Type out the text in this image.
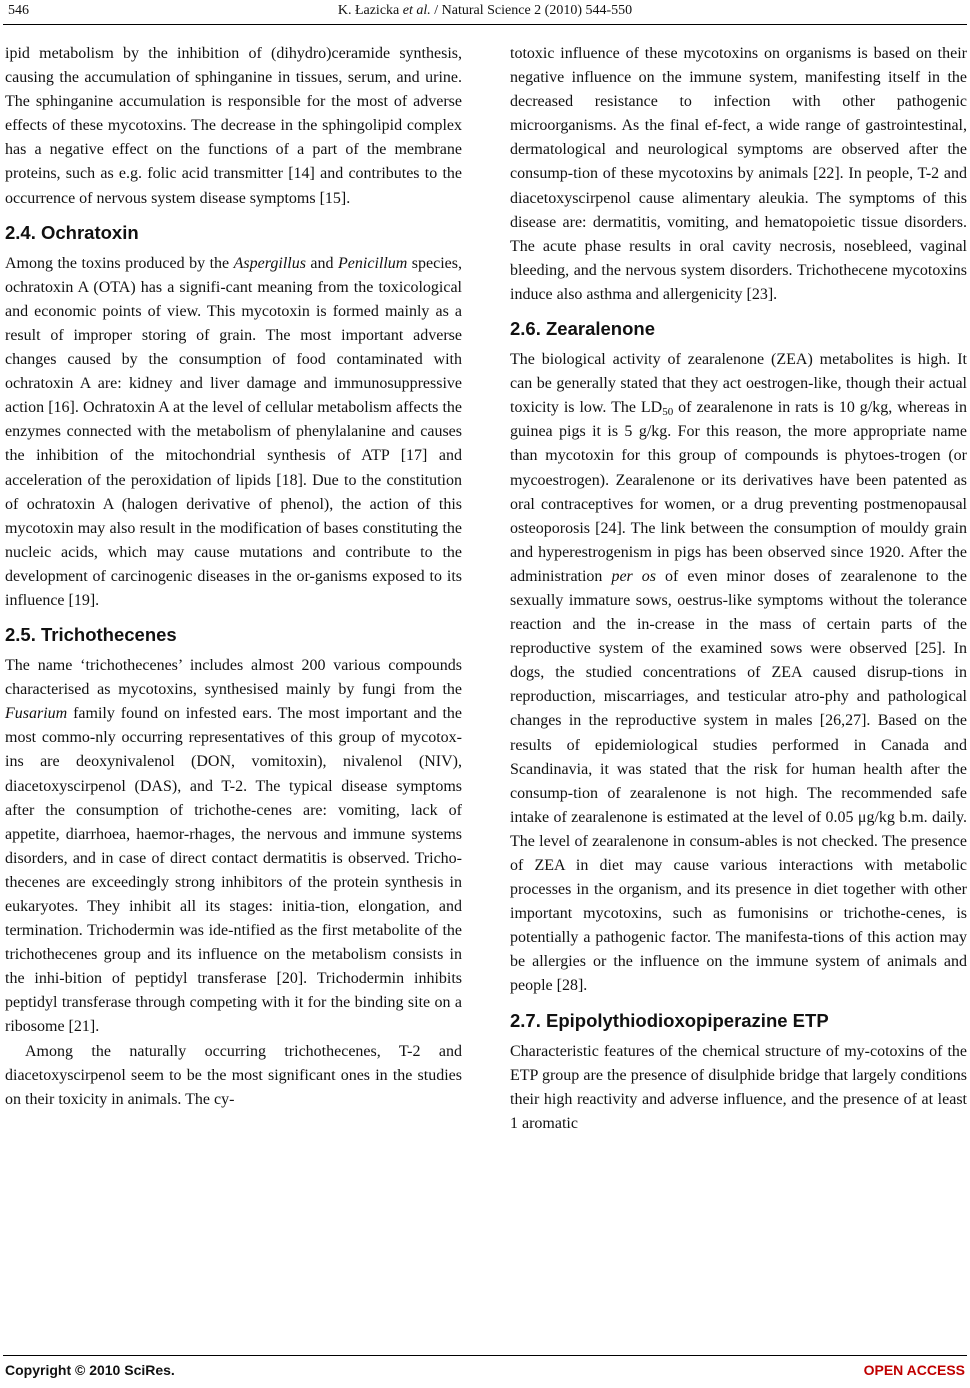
546	K. Łazicka et al. / Natural Science 2 (2010) 544-550

ipid metabolism by the inhibition of (dihydro)ceramide synthesis, causing the accumulation of sphinganine in tissues, serum, and urine. The sphinganine accumulation is responsible for the most of adverse effects of these mycotoxins. The decrease in the sphingolipid complex has a negative effect on the functions of a part of the membrane proteins, such as e.g. folic acid transmitter [14] and contributes to the occurrence of nervous system disease symptoms [15].

2.4. Ochratoxin

Among the toxins produced by the Aspergillus and Penicillum species, ochratoxin A (OTA) has a signifi-cant meaning from the toxicological and economic points of view. This mycotoxin is formed mainly as a result of improper storing of grain. The most important adverse changes caused by the consumption of food contaminated with ochratoxin A are: kidney and liver damage and immunosuppressive action [16]. Ochratoxin A at the level of cellular metabolism affects the enzymes connected with the metabolism of phenylalanine and causes the inhibition of the mitochondrial synthesis of ATP [17] and acceleration of the peroxidation of lipids [18]. Due to the constitution of ochratoxin A (halogen derivative of phenol), the action of this mycotoxin may also result in the modification of bases constituting the nucleic acids, which may cause mutations and contribute to the development of carcinogenic diseases in the or-ganisms exposed to its influence [19].

2.5. Trichothecenes

The name ‘trichothecenes’ includes almost 200 various compounds characterised as mycotoxins, synthesised mainly by fungi from the Fusarium family found on infested ears. The most important and the most commo-nly occurring representatives of this group of mycotox-ins are deoxynivalenol (DON, vomitoxin), nivalenol (NIV), diacetoxyscirpenol (DAS), and T-2. The typical disease symptoms after the consumption of trichothe-cenes are: vomiting, lack of appetite, diarrhoea, haemor-rhages, the nervous and immune systems disorders, and in case of direct contact dermatitis is observed. Tricho-thecenes are exceedingly strong inhibitors of the protein synthesis in eukaryotes. They inhibit all its stages: initia-tion, elongation, and termination. Trichodermin was ide-ntified as the first metabolite of the trichothecenes group and its influence on the metabolism consists in the inhi-bition of peptidyl transferase [20]. Trichodermin inhibits peptidyl transferase through competing with it for the binding site on a ribosome [21].

Among the naturally occurring trichothecenes, T-2 and diacetoxyscirpenol seem to be the most significant ones in the studies on their toxicity in animals. The cy-

totoxic influence of these mycotoxins on organisms is based on their negative influence on the immune system, manifesting itself in the decreased resistance to infection with other pathogenic microorganisms. As the final ef-fect, a wide range of gastrointestinal, dermatological and neurological symptoms are observed after the consump-tion of these mycotoxins by animals [22]. In people, T-2 and diacetoxyscirpenol cause alimentary aleukia. The symptoms of this disease are: dermatitis, vomiting, and hematopoietic tissue disorders. The acute phase results in oral cavity necrosis, nosebleed, vaginal bleeding, and the nervous system disorders. Trichothecene mycotoxins induce also asthma and allergenicity [23].

2.6. Zearalenone

The biological activity of zearalenone (ZEA) metabolites is high. It can be generally stated that they act oestrogen-like, though their actual toxicity is low. The $LD_{50}$ of zearalenone in rats is 10 g/kg, whereas in guinea pigs it is 5 g/kg. For this reason, the more appropriate name than mycotoxin for this group of compounds is phytoes-trogen (or mycoestrogen). Zearalenone or its derivatives have been patented as oral contraceptives for women, or a drug preventing postmenopausal osteoporosis [24]. The link between the consumption of mouldy grain and hyperestrogenism in pigs has been observed since 1920. After the administration per os of even minor doses of zearalenone to the sexually immature sows, oestrus-like symptoms without the tolerance reaction and the in-crease in the mass of certain parts of the reproductive system of the examined sows were observed [25]. In dogs, the studied concentrations of ZEA caused disrup-tions in reproduction, miscarriages, and testicular atro-phy and pathological changes in the reproductive system in males [26,27]. Based on the results of epidemiological studies performed in Canada and Scandinavia, it was stated that the risk for human health after the consump-tion of zearalenone is not high. The recommended safe intake of zearalenone is estimated at the level of 0.05 μg/kg b.m. daily. The level of zearalenone in consum-ables is not checked. The presence of ZEA in diet may cause various interactions with metabolic processes in the organism, and its presence in diet together with other important mycotoxins, such as fumonisins or trichothe-cenes, is potentially a pathogenic factor. The manifesta-tions of this action may be allergies or the influence on the immune system of animals and people [28].

2.7. Epipolythiodioxopiperazine ETP

Characteristic features of the chemical structure of my-cotoxins of the ETP group are the presence of disulphide bridge that largely conditions their high reactivity and adverse influence, and the presence of at least 1 aromatic

Copyright © 2010 SciRes.	OPEN ACCESS
